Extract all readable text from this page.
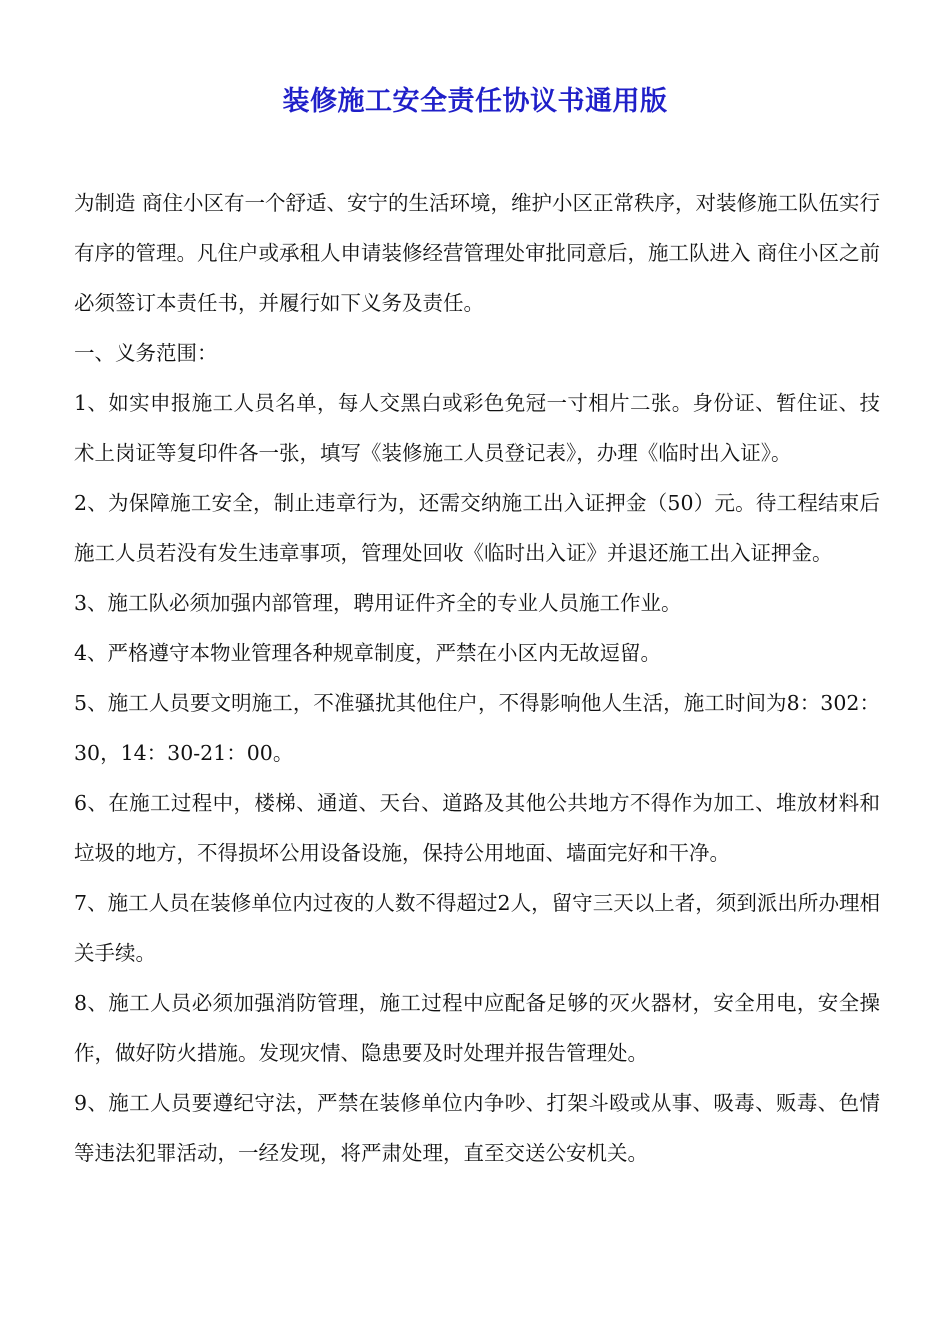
装修施工安全责任协议书通用版

为制造 商住小区有一个舒适、安宁的生活环境，维护小区正常秩序，对装修施工队伍实行有序的管理。凡住户或承租人申请装修经营管理处审批同意后，施工队进入 商住小区之前必须签订本责任书，并履行如下义务及责任。

一、义务范围：

1、如实申报施工人员名单，每人交黑白或彩色免冠一寸相片二张。身份证、暂住证、技术上岗证等复印件各一张，填写《装修施工人员登记表》，办理《临时出入证》。

2、为保障施工安全，制止违章行为，还需交纳施工出入证押金（50）元。待工程结束后施工人员若没有发生违章事项，管理处回收《临时出入证》并退还施工出入证押金。

3、施工队必须加强内部管理，聘用证件齐全的专业人员施工作业。

4、严格遵守本物业管理各种规章制度，严禁在小区内无故逗留。

5、施工人员要文明施工，不准骚扰其他住户，不得影响他人生活，施工时间为8：302：30，14：30-21：00。

6、在施工过程中，楼梯、通道、天台、道路及其他公共地方不得作为加工、堆放材料和垃圾的地方，不得损坏公用设备设施，保持公用地面、墙面完好和干净。

7、施工人员在装修单位内过夜的人数不得超过2人，留守三天以上者，须到派出所办理相关手续。

8、施工人员必须加强消防管理，施工过程中应配备足够的灭火器材，安全用电，安全操作，做好防火措施。发现灾情、隐患要及时处理并报告管理处。

9、施工人员要遵纪守法，严禁在装修单位内争吵、打架斗殴或从事、吸毒、贩毒、色情等违法犯罪活动，一经发现，将严肃处理，直至交送公安机关。
